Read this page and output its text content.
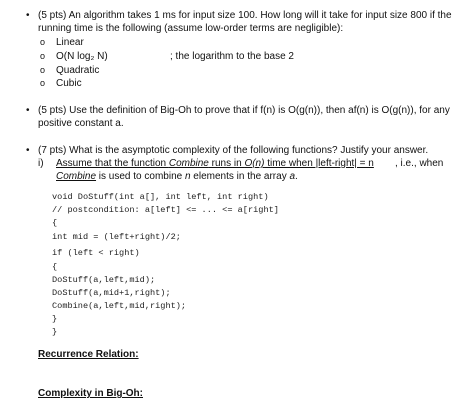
• (5 pts) An algorithm takes 1 ms for input size 100. How long will it take for input size 800 if the
running time is the following (assume low-order terms are negligible):
o Linear
o O(N log₂ N)	; the logarithm to the base 2
o Quadratic
o Cubic
• (5 pts) Use the definition of Big-Oh to prove that if f(n) is O(g(n)), then af(n) is O(g(n)), for any
positive constant a.
• (7 pts) What is the asymptotic complexity of the following functions? Justify your answer.
i) Assume that the function Combine runs in O(n) time when |left-right| = n , i.e., when
Combine is used to combine n elements in the array a.
void DoStuff(int a[], int left, int right)
// postcondition: a[left] <= ... <= a[right]
{
int mid = (left+right)/2;
if (left < right)
{
DoStuff(a,left,mid);
DoStuff(a,mid+1,right);
Combine(a,left,mid,right);
}
}
Recurrence Relation:
Complexity in Big-Oh:
